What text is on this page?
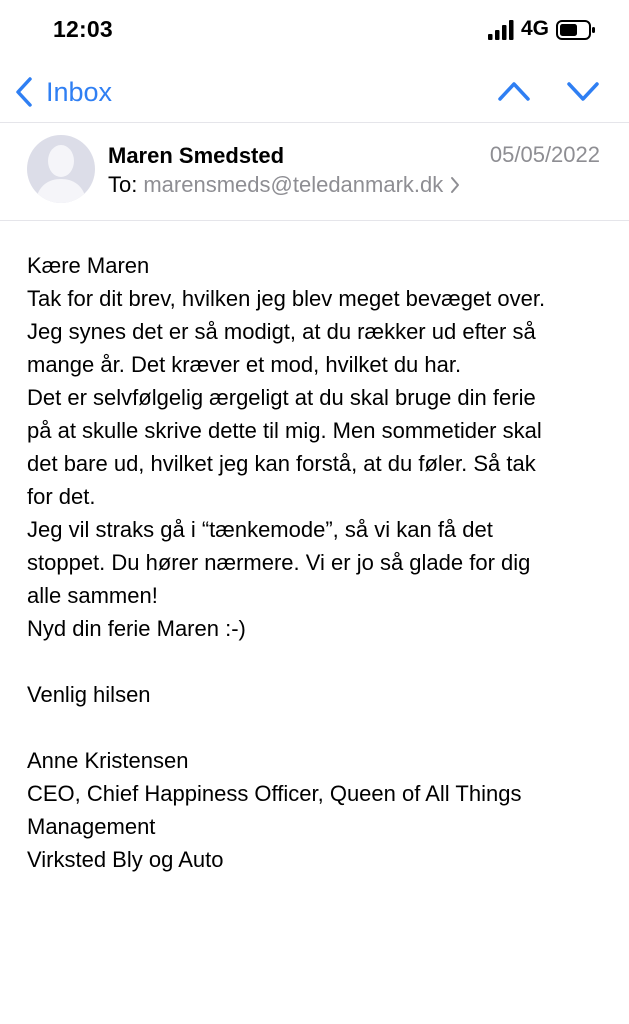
12:03	4G
Inbox
Maren Smedsted	05/05/2022
To: marensmeds@teledanmark.dk
Kære Maren
Tak for dit brev, hvilken jeg blev meget bevæget over.
Jeg synes det er så modigt, at du rækker ud efter så
mange år. Det kræver et mod, hvilket du har.
Det er selvfølgelig ærgeligt at du skal bruge din ferie
på at skulle skrive dette til mig. Men sommetider skal
det bare ud, hvilket jeg kan forstå, at du føler. Så tak
for det.
Jeg vil straks gå i “tænkemode”, så vi kan få det
stoppet. Du hører nærmere. Vi er jo så glade for dig
alle sammen!
Nyd din ferie Maren :-)
Venlig hilsen
Anne Kristensen
CEO, Chief Happiness Officer, Queen of All Things
Management
Virksted Bly og Auto
